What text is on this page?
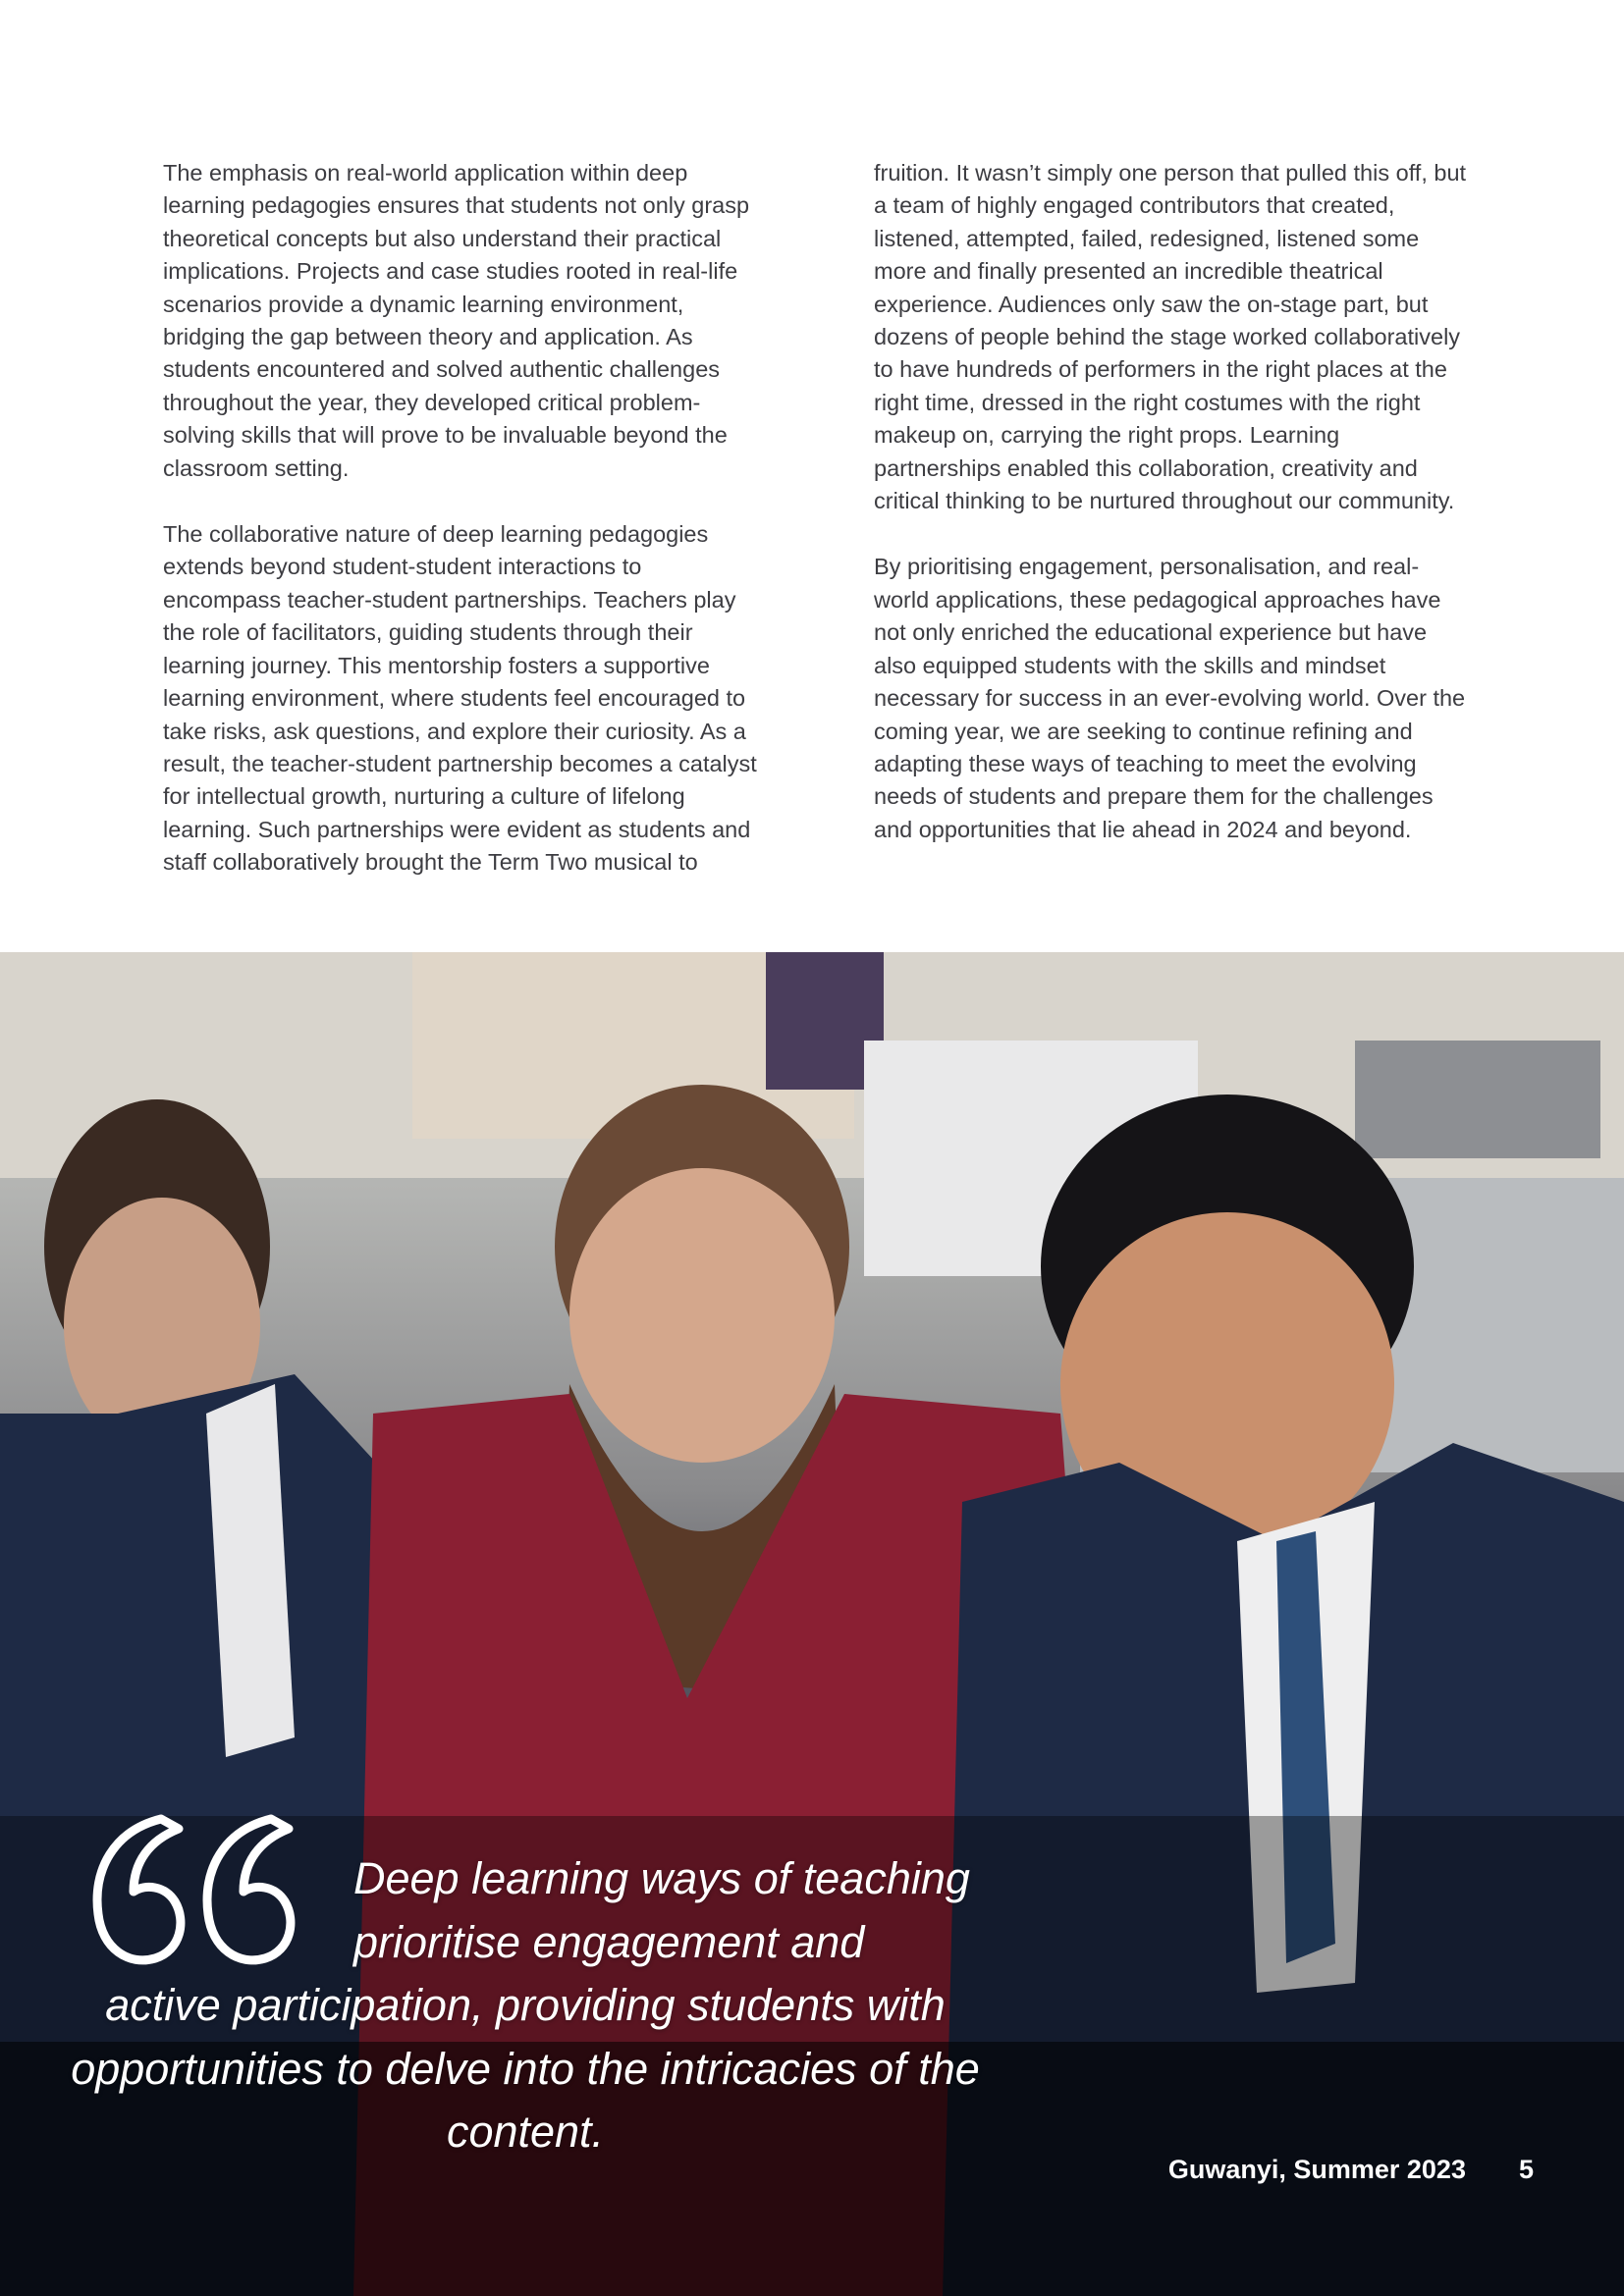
The emphasis on real-world application within deep learning pedagogies ensures that students not only grasp theoretical concepts but also understand their practical implications. Projects and case studies rooted in real-life scenarios provide a dynamic learning environment, bridging the gap between theory and application. As students encountered and solved authentic challenges throughout the year, they developed critical problem-solving skills that will prove to be invaluable beyond the classroom setting.

The collaborative nature of deep learning pedagogies extends beyond student-student interactions to encompass teacher-student partnerships. Teachers play the role of facilitators, guiding students through their learning journey. This mentorship fosters a supportive learning environment, where students feel encouraged to take risks, ask questions, and explore their curiosity. As a result, the teacher-student partnership becomes a catalyst for intellectual growth, nurturing a culture of lifelong learning. Such partnerships were evident as students and staff collaboratively brought the Term Two musical to

fruition. It wasn’t simply one person that pulled this off, but a team of highly engaged contributors that created, listened, attempted, failed, redesigned, listened some more and finally presented an incredible theatrical experience. Audiences only saw the on-stage part, but dozens of people behind the stage worked collaboratively to have hundreds of performers in the right places at the right time, dressed in the right costumes with the right makeup on, carrying the right props. Learning partnerships enabled this collaboration, creativity and critical thinking to be nurtured throughout our community.

By prioritising engagement, personalisation, and real-world applications, these pedagogical approaches have not only enriched the educational experience but have also equipped students with the skills and mindset necessary for success in an ever-evolving world. Over the coming year, we are seeking to continue refining and adapting these ways of teaching to meet the evolving needs of students and prepare them for the challenges and opportunities that lie ahead in 2024 and beyond.

Deep learning ways of teaching
prioritise engagement and
active participation, providing students with opportunities to delve into the intricacies of the content.
Guwanyi, Summer 2023 5
